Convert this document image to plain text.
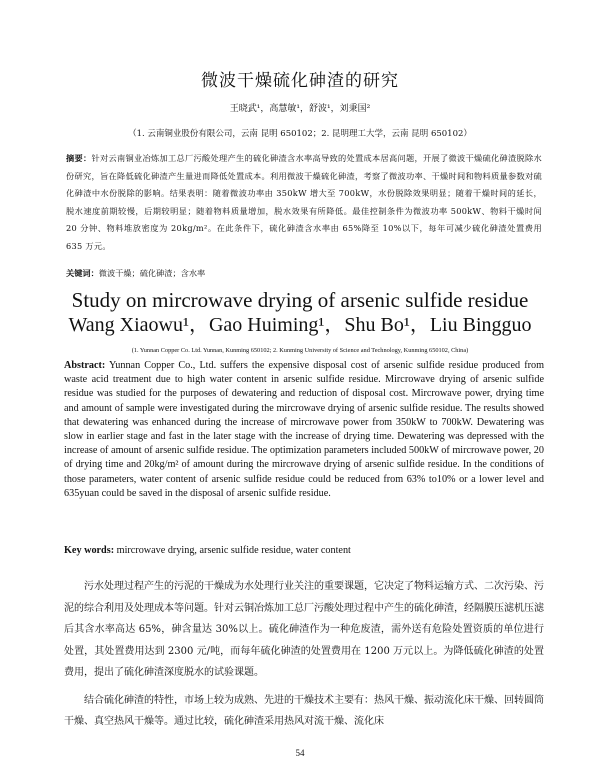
微波干燥硫化砷渣的研究
王晓武¹，高慧敏¹，舒波¹，刘秉国²
（1. 云南铜业股份有限公司，云南 昆明 650102；2. 昆明理工大学，云南 昆明 650102）
摘要：针对云南铜业冶炼加工总厂污酸处理产生的硫化砷渣含水率高导致的处置成本居高问题，开展了微波干燥硫化砷渣脱除水份研究，旨在降低硫化砷渣产生量进而降低处置成本。利用微波干燥硫化砷渣，考察了微波功率、干燥时间和物料质量参数对硫化砷渣中水份脱除的影响。结果表明：随着微波功率由 350kW 增大至 700kW，水份脱除效果明显；随着干燥时间的延长，脱水速度前期较慢，后期较明显；随着物料质量增加，脱水效果有所降低。最佳控制条件为微波功率 500kW、物料干燥时间 20 分钟、物料堆放密度为 20kg/m²。在此条件下，硫化砷渣含水率由 65%降至 10%以下，每年可减少硫化砷渣处置费用 635 万元。
关键词：微波干燥；硫化砷渣；含水率
Study on mircrowave drying of arsenic sulfide residue
Wang Xiaowu¹，Gao Huiming¹，Shu Bo¹，Liu Bingguo
(1. Yunnan Copper Co. Ltd. Yunnan, Kunming 650102; 2. Kunming University of Science and Technology, Kunming 650102, China)
Abstract: Yunnan Copper Co., Ltd. suffers the expensive disposal cost of arsenic sulfide residue produced from waste acid treatment due to high water content in arsenic sulfide residue. Mircrowave drying of arsenic sulfide residue was studied for the purposes of dewatering and reduction of disposal cost. Mircrowave power, drying time and amount of sample were investigated during the mircrowave drying of arsenic sulfide residue. The results showed that dewatering was enhanced during the increase of mircrowave power from 350kW to 700kW. Dewatering was slow in earlier stage and fast in the later stage with the increase of drying time. Dewatering was depressed with the increase of amount of arsenic sulfide residue. The optimization parameters included 500kW of mircrowave power, 20 of drying time and 20kg/m² of amount during the mircrowave drying of arsenic sulfide residue. In the conditions of those parameters, water content of arsenic sulfide residue could be reduced from 63% to10% or a lower level and 635yuan could be saved in the disposal of arsenic sulfide residue.
Key words: mircrowave drying, arsenic sulfide residue, water content

污水处理过程产生的污泥的干燥成为水处理行业关注的重要课题，它决定了物料运输方式、二次污染、污泥的综合利用及处理成本等问题。针对云铜冶炼加工总厂污酸处理过程中产生的硫化砷渣，经隔膜压滤机压滤后其含水率高达 65%，砷含量达 30%以上。硫化砷渣作为一种危废渣，需外送有危险处置资质的单位进行处置，其处置费用达到 2300 元/吨，而每年硫化砷渣的处置费用在 1200 万元以上。为降低硫化砷渣的处置费用，提出了硫化砷渣深度脱水的试验课题。

结合硫化砷渣的特性，市场上较为成熟、先进的干燥技术主要有：热风干燥、振动流化床干燥、回转圆筒干燥、真空热风干燥等。通过比较，硫化砷渣采用热风对流干燥、流化床

54
